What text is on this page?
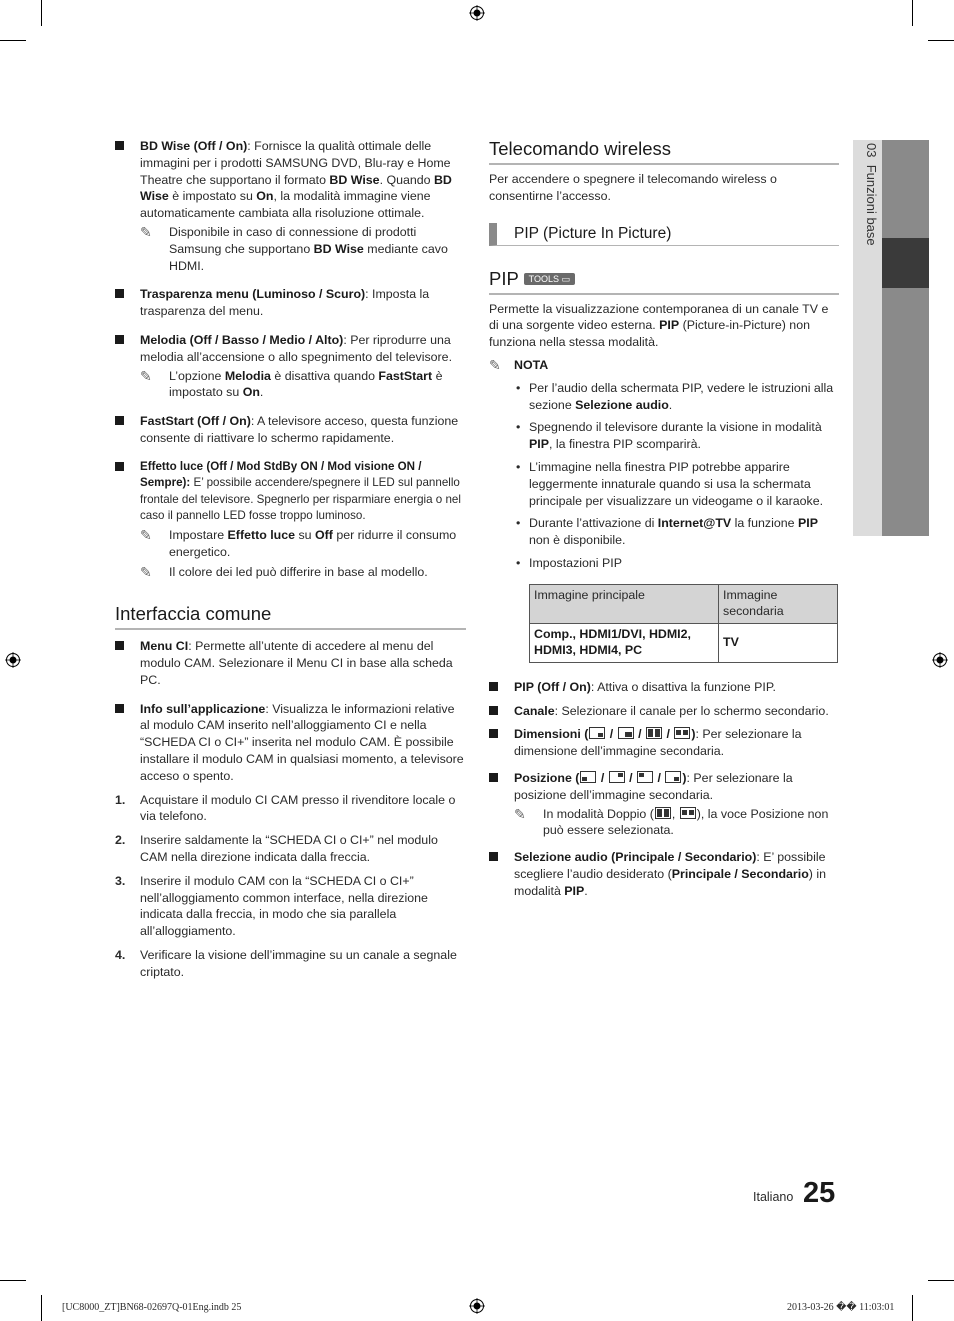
03  Funzioni base
BD Wise (Off / On): Fornisce la qualità ottimale delle immagini per i prodotti SAMSUNG DVD, Blu-ray e Home Theatre che supportano il formato BD Wise. Quando BD Wise è impostato su On, la modalità immagine viene automaticamente cambiata alla risoluzione ottimale.
✎ Disponibile in caso di connessione di prodotti Samsung che supportano BD Wise mediante cavo HDMI.
Trasparenza menu (Luminoso / Scuro): Imposta la trasparenza del menu.
Melodia (Off / Basso / Medio / Alto): Per riprodurre una melodia all’accensione o allo spegnimento del televisore.
✎ L’opzione Melodia è disattiva quando FastStart è impostato su On.
FastStart (Off / On): A televisore acceso, questa funzione consente di riattivare lo schermo rapidamente.
Effetto luce (Off / Mod StdBy ON / Mod visione ON / Sempre): E’ possibile accendere/spegnere il LED sul pannello frontale del televisore. Spegnerlo per risparmiare energia o nel caso il pannello LED fosse troppo luminoso.
✎ Impostare Effetto luce su Off per ridurre il consumo energetico.
✎ Il colore dei led può differire in base al modello.
Interfaccia comune
Menu CI: Permette all’utente di accedere al menu del modulo CAM. Selezionare il Menu CI in base alla scheda PC.
Info sull’applicazione: Visualizza le informazioni relative al modulo CAM inserito nell’alloggiamento CI e nella “SCHEDA CI o CI+” inserita nel modulo CAM. È possibile installare il modulo CAM in qualsiasi momento, a televisore acceso o spento.
1. Acquistare il modulo CI CAM presso il rivenditore locale o via telefono.
2. Inserire saldamente la “SCHEDA CI o CI+” nel modulo CAM nella direzione indicata dalla freccia.
3. Inserire il modulo CAM con la “SCHEDA CI o CI+” nell’alloggiamento common interface, nella direzione indicata dalla freccia, in modo che sia parallela all’alloggiamento.
4. Verificare la visione dell’immagine su un canale a segnale criptato.
Telecomando wireless
Per accendere o spegnere il telecomando wireless o consentirne l’accesso.
PIP (Picture In Picture)
PIP TOOLS ▭
Permette la visualizzazione contemporanea di un canale TV e di una sorgente video esterna. PIP (Picture-in-Picture) non funziona nella stessa modalità.
✎ NOTA
• Per l’audio della schermata PIP, vedere le istruzioni alla sezione Selezione audio.
• Spegnendo il televisore durante la visione in modalità PIP, la finestra PIP scomparirà.
• L’immagine nella finestra PIP potrebbe apparire leggermente innaturale quando si usa la schermata principale per visualizzare un videogame o il karaoke.
• Durante l’attivazione di Internet@TV la funzione PIP non è disponibile.
• Impostazioni PIP
Immagine principale	Immagine secondaria
Comp., HDMI1/DVI, HDMI2, HDMI3, HDMI4, PC	TV
PIP (Off / On): Attiva o disattiva la funzione PIP.
Canale: Selezionare il canale per lo schermo secondario.
Dimensioni (
/
/
/
): Per selezionare la dimensione dell’immagine secondaria.
Posizione (
/
/
/
): Per selezionare la posizione dell’immagine secondaria.
✎ In modalità Doppio ( ,
), la voce Posizione non può essere selezionata.
Selezione audio (Principale / Secondario): E’ possibile scegliere l’audio desiderato (Principale / Secondario) in modalità PIP.
Italiano 25
[UC8000_ZT]BN68-02697Q-01Eng.indb 25	2013-03-26 �� 11:03:01
